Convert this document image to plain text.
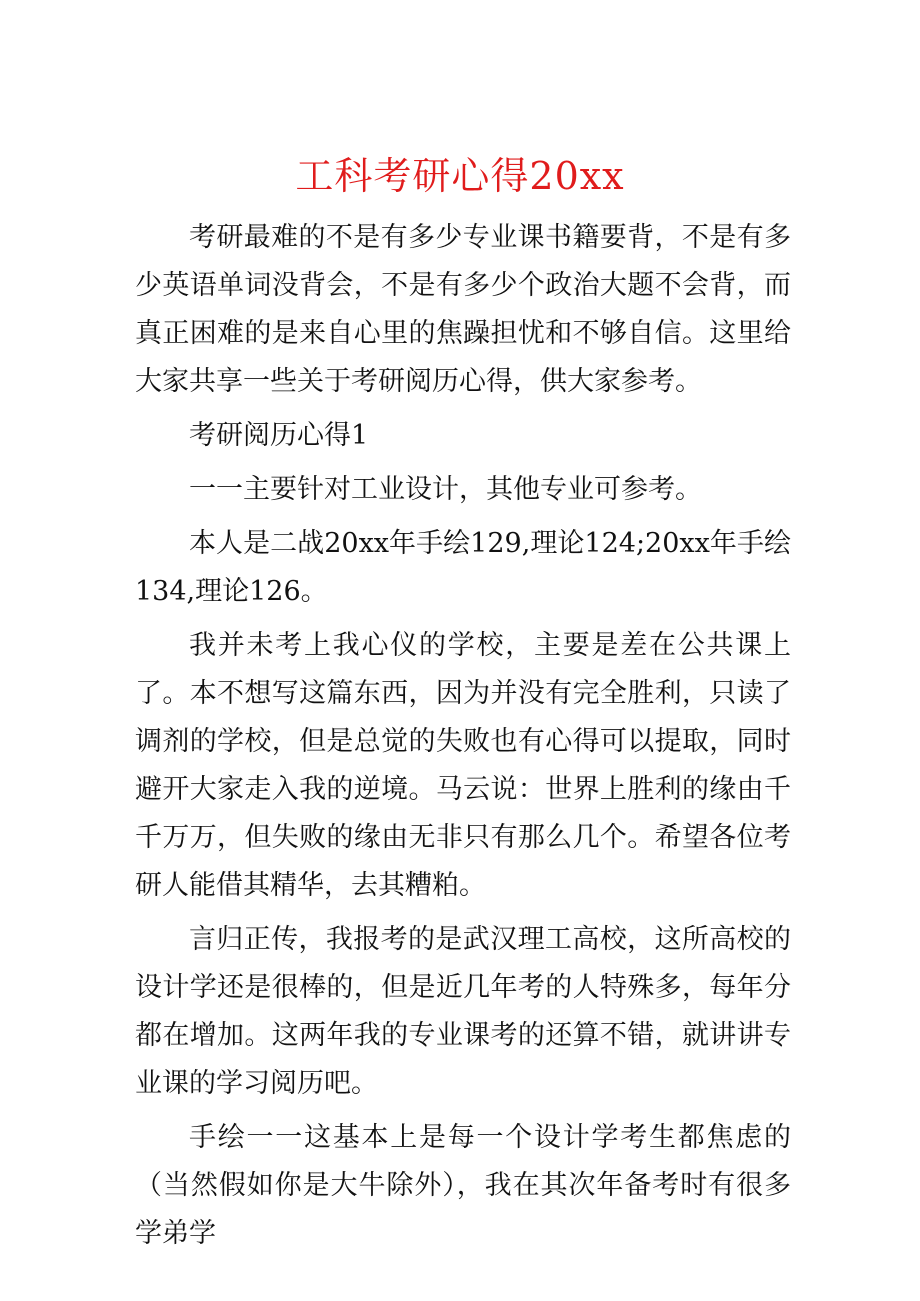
工科考研心得20xx

考研最难的不是有多少专业课书籍要背，不是有多少英语单词没背会，不是有多少个政治大题不会背，而真正困难的是来自心里的焦躁担忧和不够自信。这里给大家共享一些关于考研阅历心得，供大家参考。

考研阅历心得1

一一主要针对工业设计，其他专业可参考。

本人是二战20xx年手绘129,理论124;20xx年手绘134,理论126。

我并未考上我心仪的学校，主要是差在公共课上了。本不想写这篇东西，因为并没有完全胜利，只读了调剂的学校，但是总觉的失败也有心得可以提取，同时避开大家走入我的逆境。马云说：世界上胜利的缘由千千万万，但失败的缘由无非只有那么几个。希望各位考研人能借其精华，去其糟粕。

言归正传，我报考的是武汉理工高校，这所高校的设计学还是很棒的，但是近几年考的人特殊多，每年分都在增加。这两年我的专业课考的还算不错，就讲讲专业课的学习阅历吧。

手绘一一这基本上是每一个设计学考生都焦虑的（当然假如你是大牛除外），我在其次年备考时有很多学弟学
